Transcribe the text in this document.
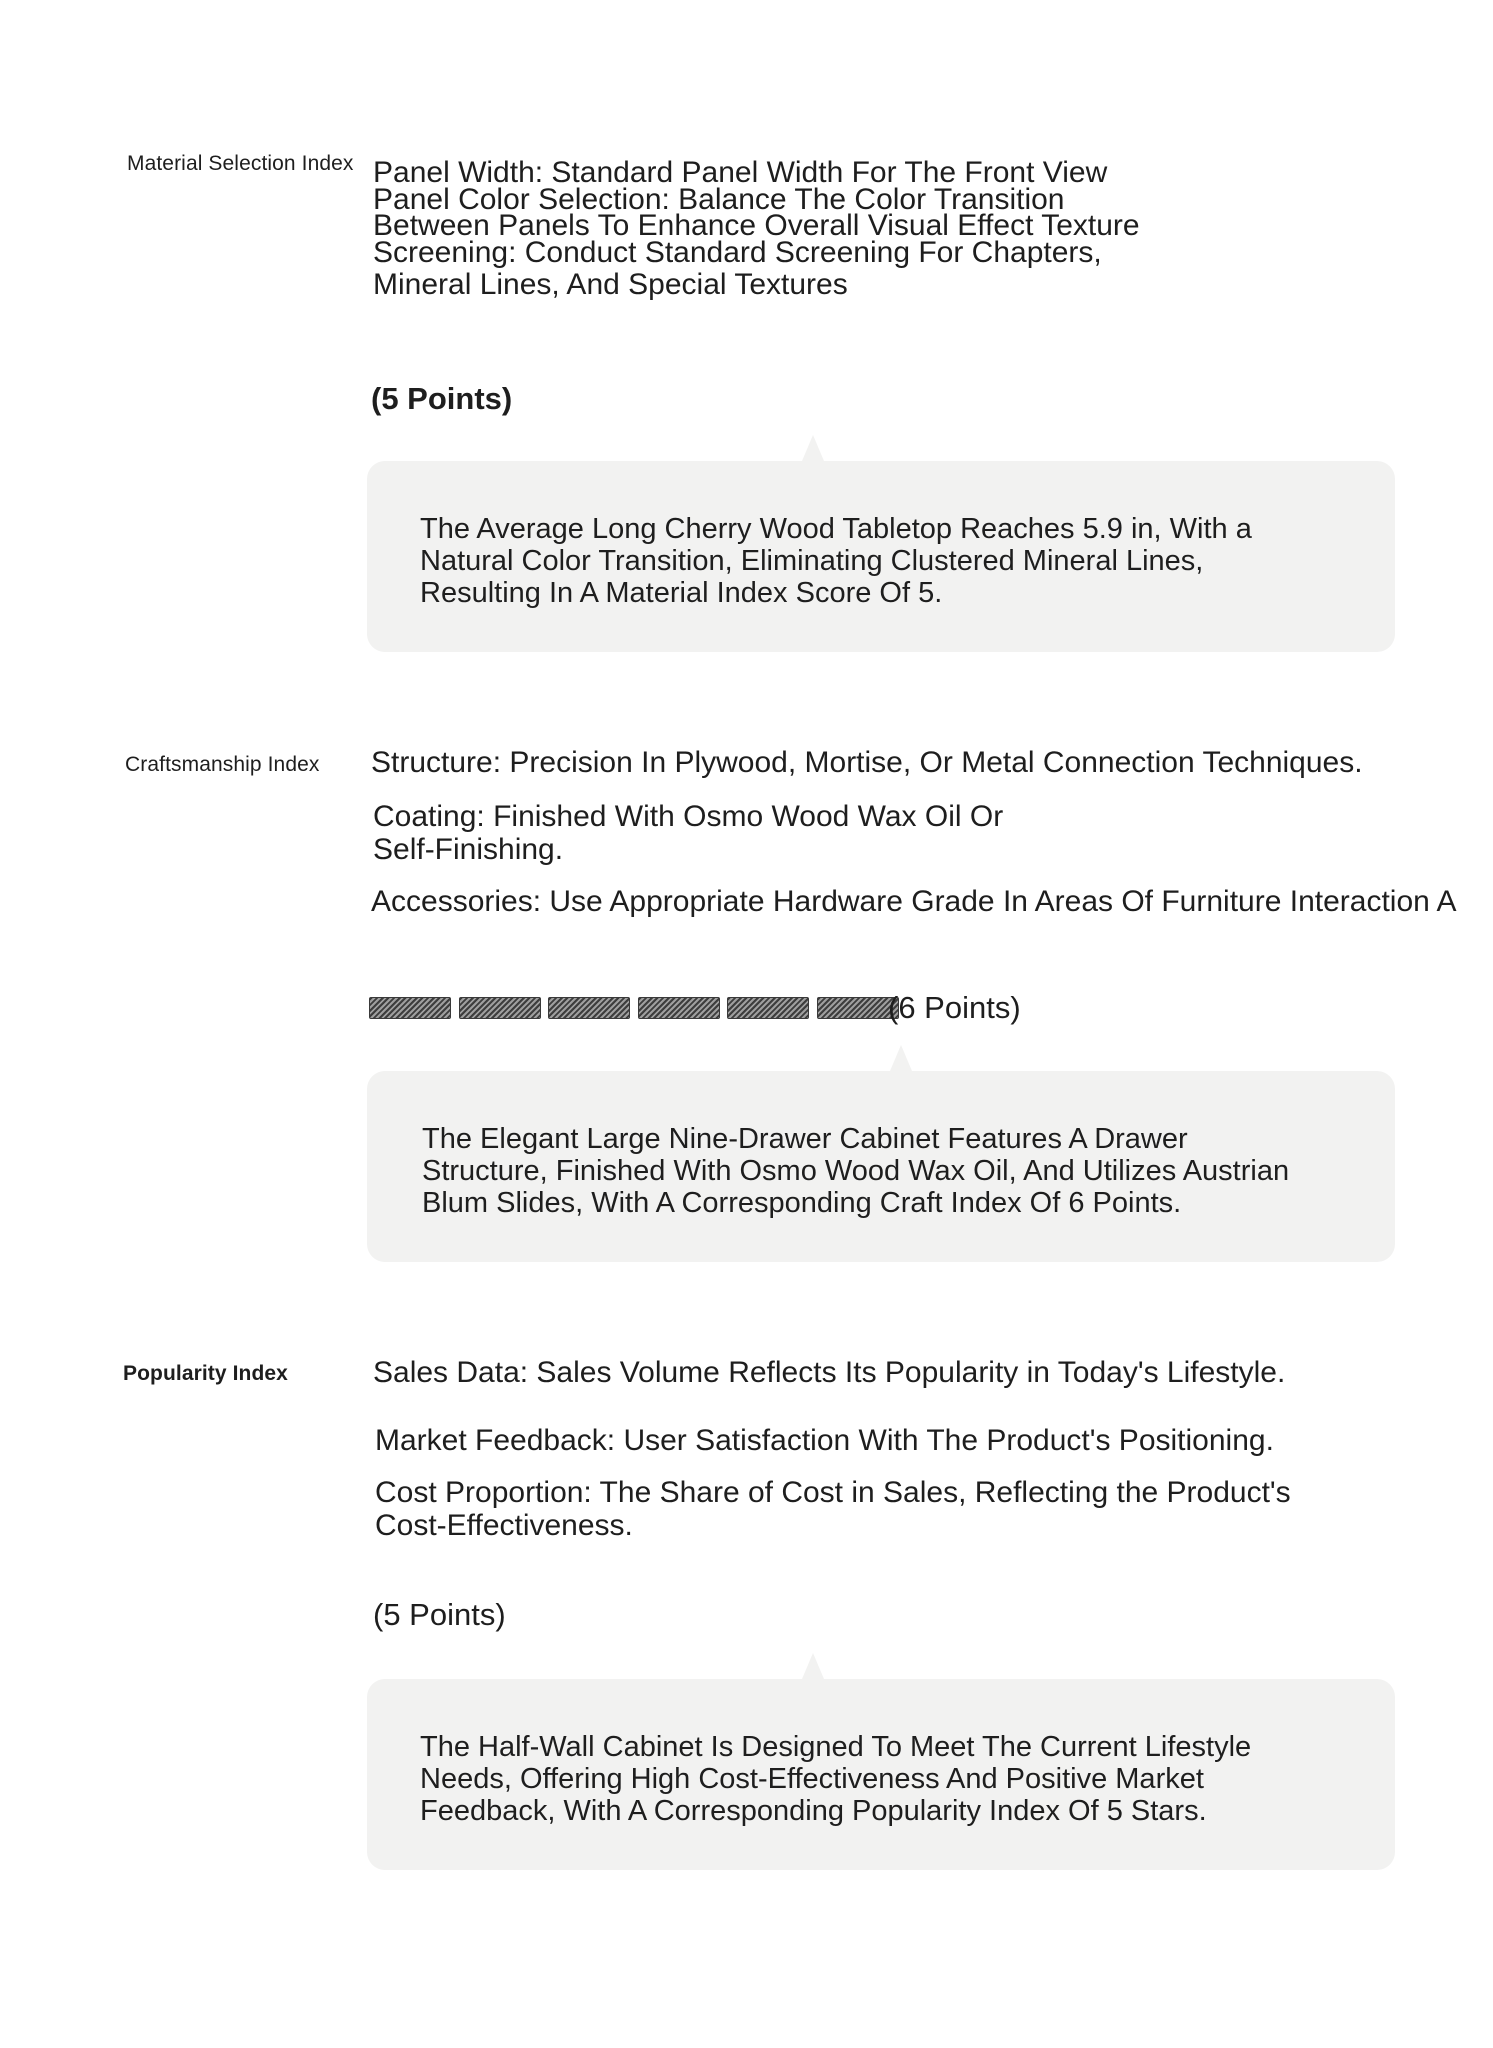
Material Selection Index Panel Width: Standard Panel Width For The Front View
Panel Color Selection: Balance The Color Transition
Between Panels To Enhance Overall Visual Effect Texture
Screening: Conduct Standard Screening For Chapters,
Mineral Lines, And Special Textures
(5 Points)
The Average Long Cherry Wood Tabletop Reaches 5.9 in, With a
Natural Color Transition, Eliminating Clustered Mineral Lines,
Resulting In A Material Index Score Of 5.
Craftsmanship Index Structure: Precision In Plywood, Mortise, Or Metal Connection Techniques.
Coating: Finished With Osmo Wood Wax Oil Or
Self-Finishing.
Accessories: Use Appropriate Hardware Grade In Areas Of Furniture Interaction A
(6 Points)
The Elegant Large Nine-Drawer Cabinet Features A Drawer
Structure, Finished With Osmo Wood Wax Oil, And Utilizes Austrian
Blum Slides, With A Corresponding Craft Index Of 6 Points.
Popularity Index	Sales Data: Sales Volume Reflects Its Popularity in Today's Lifestyle.
Market Feedback: User Satisfaction With The Product's Positioning.
Cost Proportion: The Share of Cost in Sales, Reflecting the Product's
Cost-Effectiveness.
(5 Points)
The Half-Wall Cabinet Is Designed To Meet The Current Lifestyle
Needs, Offering High Cost-Effectiveness And Positive Market
Feedback, With A Corresponding Popularity Index Of 5 Stars.
